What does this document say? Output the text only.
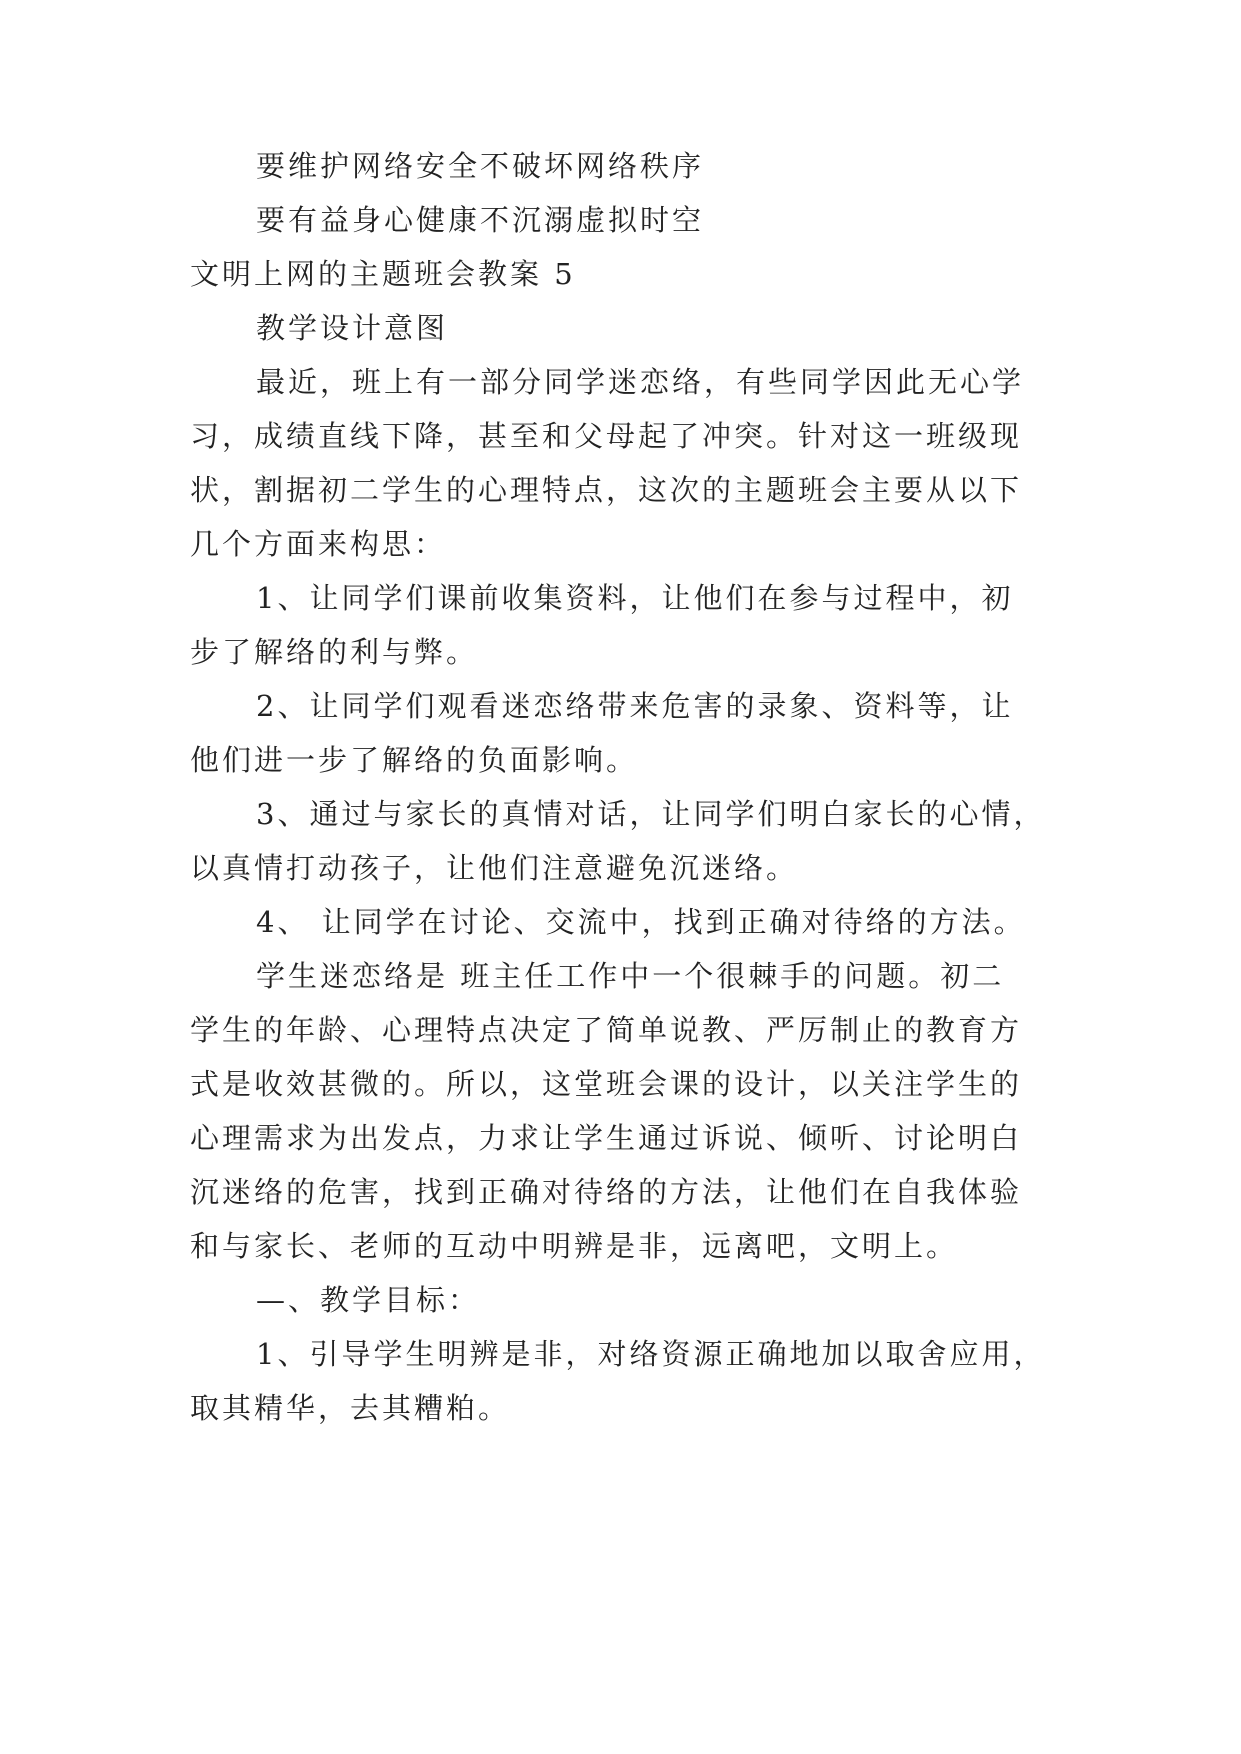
要维护网络安全不破坏网络秩序
要有益身心健康不沉溺虚拟时空
文明上网的主题班会教案 5
教学设计意图
最近，班上有一部分同学迷恋络，有些同学因此无心学
习，成绩直线下降，甚至和父母起了冲突。针对这一班级现
状，割据初二学生的心理特点，这次的主题班会主要从以下
几个方面来构思：
1、让同学们课前收集资料，让他们在参与过程中，初
步了解络的利与弊。
2、让同学们观看迷恋络带来危害的录象、资料等，让
他们进一步了解络的负面影响。
3、通过与家长的真情对话，让同学们明白家长的心情，
以真情打动孩子，让他们注意避免沉迷络。
4、 让同学在讨论、交流中，找到正确对待络的方法。
学生迷恋络是 班主任工作中一个很棘手的问题。初二
学生的年龄、心理特点决定了简单说教、严厉制止的教育方
式是收效甚微的。所以，这堂班会课的设计，以关注学生的
心理需求为出发点，力求让学生通过诉说、倾听、讨论明白
沉迷络的危害，找到正确对待络的方法，让他们在自我体验
和与家长、老师的互动中明辨是非，远离吧，文明上。
—、教学目标：
1、引导学生明辨是非，对络资源正确地加以取舍应用，
取其精华，去其糟粕。
